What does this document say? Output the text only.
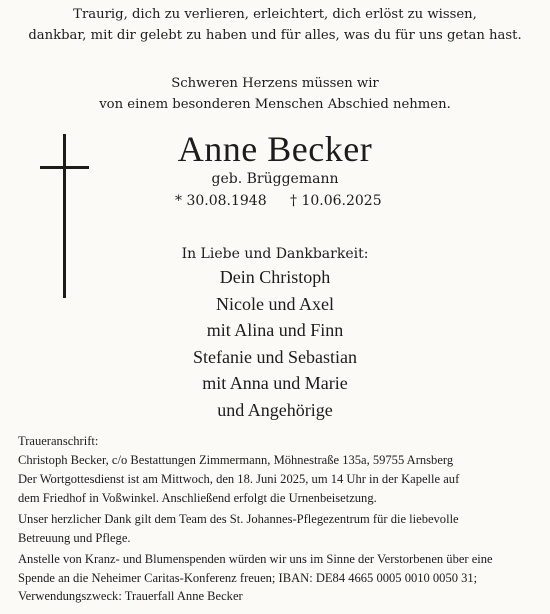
Traurig, dich zu verlieren, erleichtert, dich erlöst zu wissen,
dankbar, mit dir gelebt zu haben und für alles, was du für uns getan hast.
Schweren Herzens müssen wir
von einem besonderen Menschen Abschied nehmen.
Anne Becker
geb. Brüggemann
* 30.08.1948 † 10.06.2025
In Liebe und Dankbarkeit:
Dein Christoph
Nicole und Axel
mit Alina und Finn
Stefanie und Sebastian
mit Anna und Marie
und Angehörige
Traueranschrift: Christoph Becker, c/o Bestattungen Zimmermann, Möhnestraße 135a, 59755 Arnsberg
Der Wortgottesdienst ist am Mittwoch, den 18. Juni 2025, um 14 Uhr in der Kapelle auf dem Friedhof in Voßwinkel. Anschließend erfolgt die Urnenbeisetzung.
Unser herzlicher Dank gilt dem Team des St. Johannes-Pflegezentrum für die liebevolle Betreuung und Pflege.
Anstelle von Kranz- und Blumenspenden würden wir uns im Sinne der Verstorbenen über eine Spende an die Neheimer Caritas-Konferenz freuen; IBAN: DE84 4665 0005 0010 0050 31; Verwendungszweck: Trauerfall Anne Becker
